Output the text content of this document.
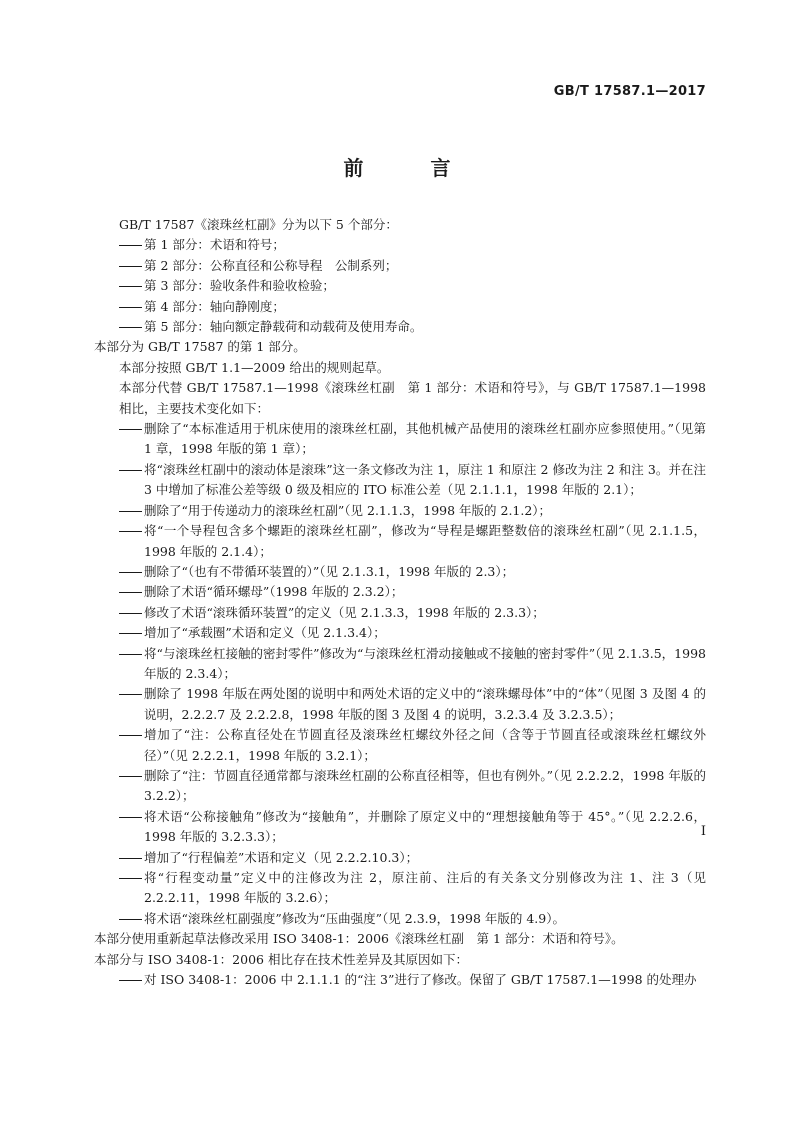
GB/T 17587.1—2017
前 言
GB/T 17587《滚珠丝杠副》分为以下 5 个部分：
第 1 部分：术语和符号；
第 2 部分：公称直径和公称导程　公制系列；
第 3 部分：验收条件和验收检验；
第 4 部分：轴向静刚度；
第 5 部分：轴向额定静载荷和动载荷及使用寿命。
本部分为 GB/T 17587 的第 1 部分。
本部分按照 GB/T 1.1—2009 给出的规则起草。
本部分代替 GB/T 17587.1—1998《滚珠丝杠副　第 1 部分：术语和符号》，与 GB/T 17587.1—1998 相比，主要技术变化如下：
删除了“本标准适用于机床使用的滚珠丝杠副，其他机械产品使用的滚珠丝杠副亦应参照使用。”（见第 1 章，1998 年版的第 1 章）；
将“滚珠丝杠副中的滚动体是滚珠”这一条文修改为注 1，原注 1 和原注 2 修改为注 2 和注 3。并在注 3 中增加了标准公差等级 0 级及相应的 ITO 标准公差（见 2.1.1.1，1998 年版的 2.1）；
删除了“用于传递动力的滚珠丝杠副”（见 2.1.1.3，1998 年版的 2.1.2）；
将“一个导程包含多个螺距的滚珠丝杠副”，修改为“导程是螺距整数倍的滚珠丝杠副”（见 2.1.1.5，1998 年版的 2.1.4）；
删除了“（也有不带循环装置的）”（见 2.1.3.1，1998 年版的 2.3）；
删除了术语“循环螺母”（1998 年版的 2.3.2）；
修改了术语“滚珠循环装置”的定义（见 2.1.3.3，1998 年版的 2.3.3）；
增加了“承载圈”术语和定义（见 2.1.3.4）；
将“与滚珠丝杠接触的密封零件”修改为“与滚珠丝杠滑动接触或不接触的密封零件”（见 2.1.3.5，1998 年版的 2.3.4）；
删除了 1998 年版在两处图的说明中和两处术语的定义中的“滚珠螺母体”中的“体”（见图 3 及图 4 的说明，2.2.2.7 及 2.2.2.8，1998 年版的图 3 及图 4 的说明，3.2.3.4 及 3.2.3.5）；
增加了“注：公称直径处在节圆直径及滚珠丝杠螺纹外径之间（含等于节圆直径或滚珠丝杠螺纹外径）”（见 2.2.2.1，1998 年版的 3.2.1）；
删除了“注：节圆直径通常都与滚珠丝杠副的公称直径相等，但也有例外。”（见 2.2.2.2，1998 年版的 3.2.2）；
将术语“公称接触角”修改为“接触角”，并删除了原定义中的“理想接触角等于 45°。”（见 2.2.2.6，1998 年版的 3.2.3.3）；
增加了“行程偏差”术语和定义（见 2.2.2.10.3）；
将“行程变动量”定义中的注修改为注 2，原注前、注后的有关条文分别修改为注 1、注 3（见 2.2.2.11，1998 年版的 3.2.6）；
将术语“滚珠丝杠副强度”修改为“压曲强度”（见 2.3.9，1998 年版的 4.9）。
本部分使用重新起草法修改采用 ISO 3408-1：2006《滚珠丝杠副　第 1 部分：术语和符号》。
本部分与 ISO 3408-1：2006 相比存在技术性差异及其原因如下：
对 ISO 3408-1：2006 中 2.1.1.1 的“注 3”进行了修改。保留了 GB/T 17587.1—1998 的处理办
I
